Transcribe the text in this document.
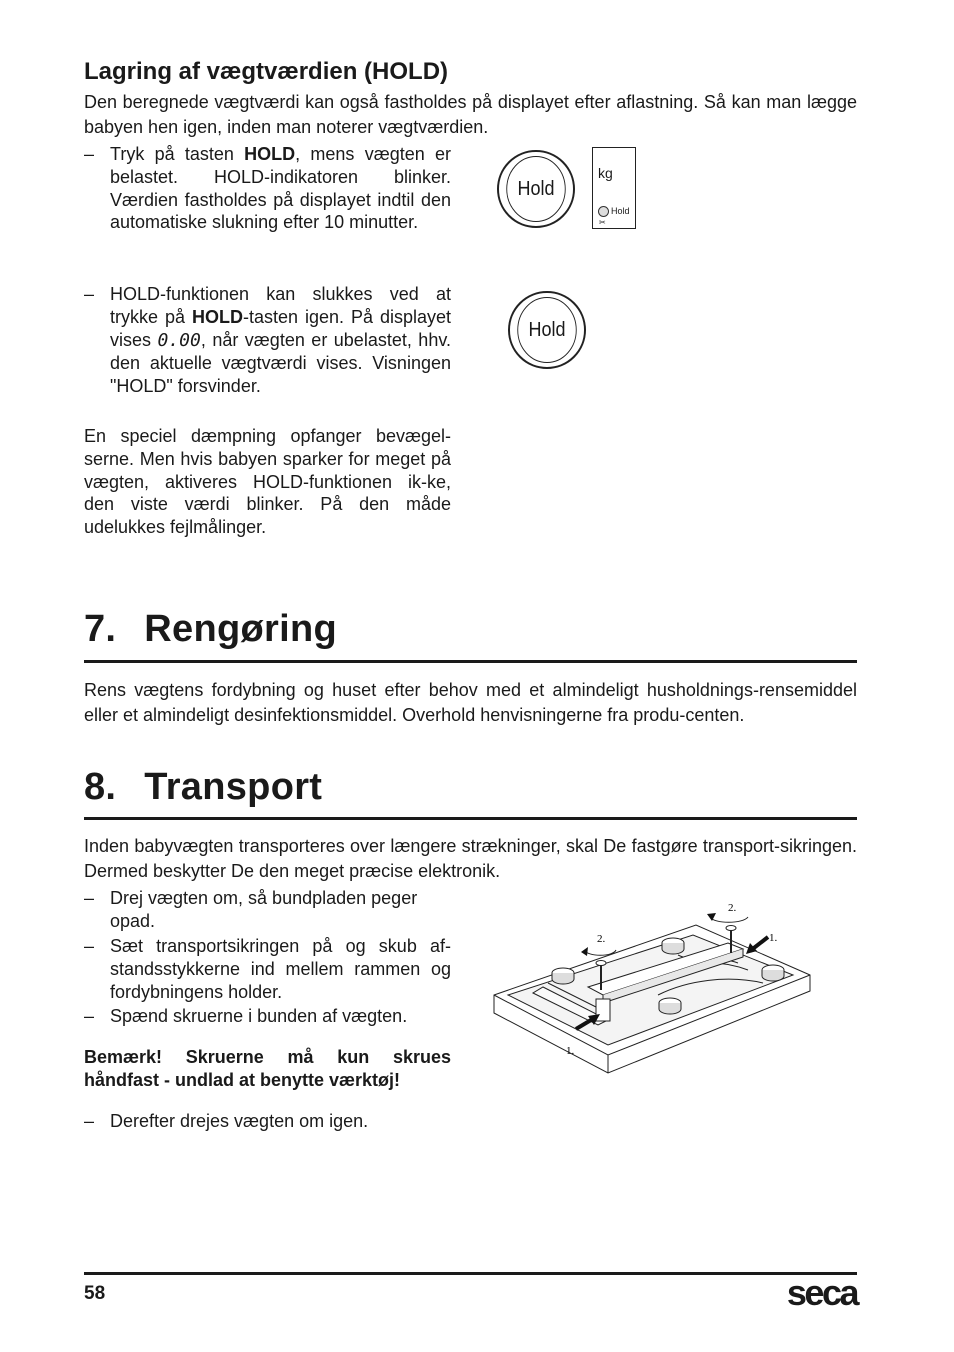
Lagring af vægtværdien (HOLD)
Den beregnede vægtværdi kan også fastholdes på displayet efter aflastning. Så kan man lægge babyen hen igen, inden man noterer vægtværdien.
– Tryk på tasten HOLD, mens vægten er belastet. HOLD-indikatoren blinker. Værdien fastholdes på displayet indtil den automatiske slukning efter 10 minutter.
– HOLD-funktionen kan slukkes ved at trykke på HOLD-tasten igen. På displayet vises 0.00, når vægten er ubelastet, hhv. den aktuelle vægtværdi vises. Visningen "HOLD" forsvinder.
En speciel dæmpning opfanger bevægel-serne. Men hvis babyen sparker for meget på vægten, aktiveres HOLD-funktionen ik-ke, den viste værdi blinker. På den måde udelukkes fejlmålinger.
Hold
kg
Hold
✂
Hold
7. Rengøring
Rens vægtens fordybning og huset efter behov med et almindeligt husholdnings-rensemiddel eller et almindeligt desinfektionsmiddel. Overhold henvisningerne fra produ-centen.
8. Transport
Inden babyvægten transporteres over længere strækninger, skal De fastgøre transport-sikringen. Dermed beskytter De den meget præcise elektronik.
– Drej vægten om, så bundpladen peger opad.
– Sæt transportsikringen på og skub af-standsstykkerne ind mellem rammen og fordybningens holder.
– Spænd skruerne i bunden af vægten.
Bemærk! Skruerne må kun skrues håndfast - undlad at benytte værktøj!
– Derefter drejes vægten om igen.
2.
2.
1.
1.
58	seca
